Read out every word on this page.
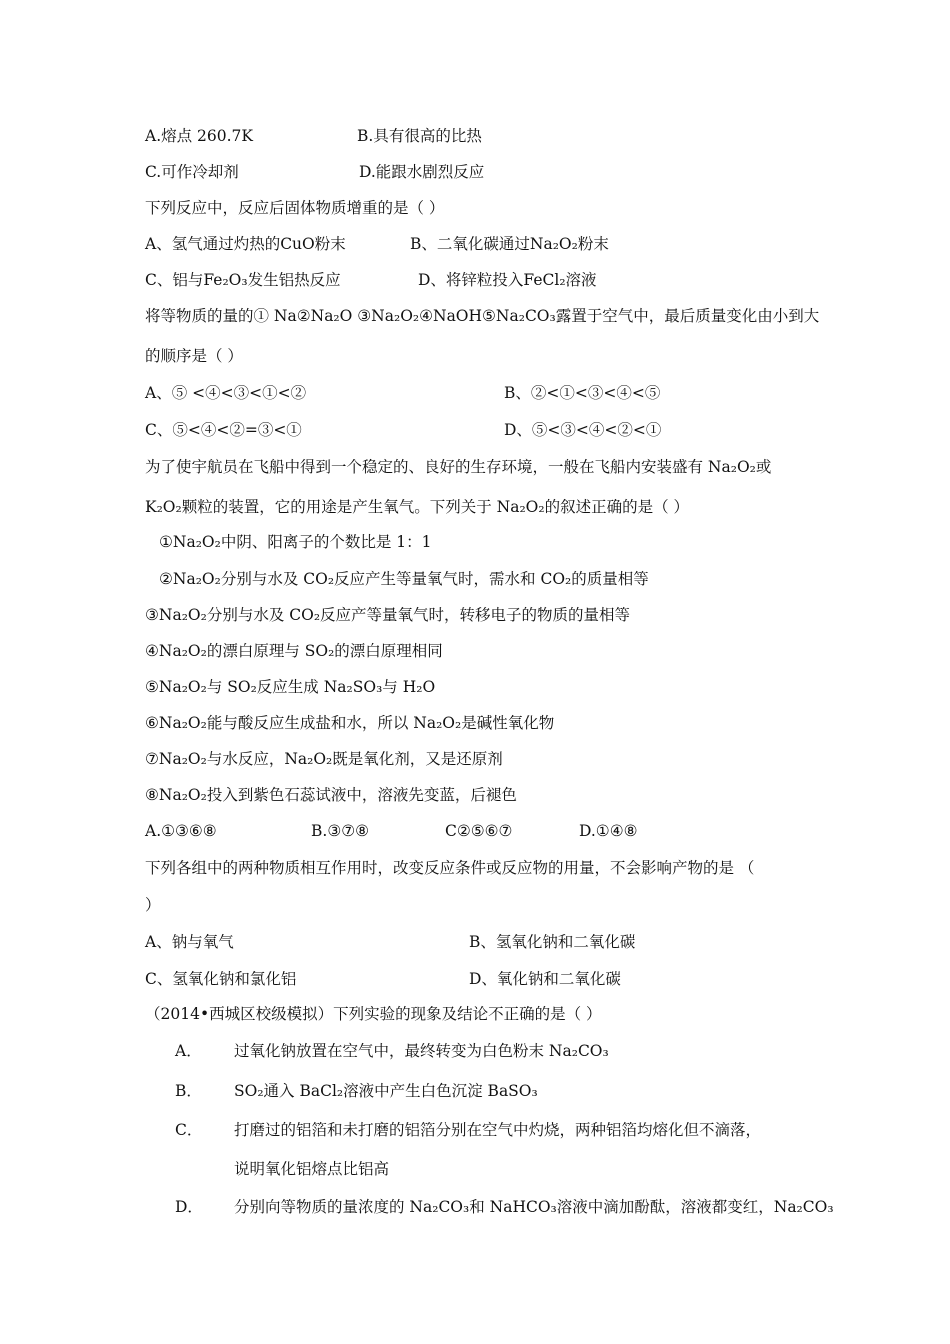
A.熔点 260.7K	B.具有很高的比热
C.可作冷却剂	D.能跟水剧烈反应
下列反应中，反应后固体物质增重的是（ ）
A、氢气通过灼热的CuO粉末	B、二氧化碳通过Na₂O₂粉末
C、铝与Fe₂O₃发生铝热反应	D、将锌粒投入FeCl₂溶液
将等物质的量的① Na②Na₂O ③Na₂O₂④NaOH⑤Na₂CO₃露置于空气中，最后质量变化由小到大
的顺序是（ ）
A、⑤ <④<③<①<②	B、②<①<③<④<⑤
C、⑤<④<②=③<①	D、⑤<③<④<②<①
为了使宇航员在飞船中得到一个稳定的、良好的生存环境，一般在飞船内安装盛有 Na₂O₂或
K₂O₂颗粒的装置，它的用途是产生氧气。下列关于 Na₂O₂的叙述正确的是（ ）
①Na₂O₂中阴、阳离子的个数比是 1：1
②Na₂O₂分别与水及 CO₂反应产生等量氧气时，需水和 CO₂的质量相等
③Na₂O₂分别与水及 CO₂反应产等量氧气时，转移电子的物质的量相等
④Na₂O₂的漂白原理与 SO₂的漂白原理相同
⑤Na₂O₂与 SO₂反应生成 Na₂SO₃与 H₂O
⑥Na₂O₂能与酸反应生成盐和水，所以 Na₂O₂是碱性氧化物
⑦Na₂O₂与水反应，Na₂O₂既是氧化剂，又是还原剂
⑧Na₂O₂投入到紫色石蕊试液中，溶液先变蓝，后褪色
A.①③⑥⑧	B.③⑦⑧	C②⑤⑥⑦	D.①④⑧
下列各组中的两种物质相互作用时，改变反应条件或反应物的用量，不会影响产物的是 （
）
A、钠与氧气	B、氢氧化钠和二氧化碳
C、氢氧化钠和氯化铝	D、氧化钠和二氧化碳
（2014•西城区校级模拟）下列实验的现象及结论不正确的是（ ）
A． 过氧化钠放置在空气中，最终转变为白色粉末 Na₂CO₃
B． SO₂通入 BaCl₂溶液中产生白色沉淀 BaSO₃
C． 打磨过的铝箔和未打磨的铝箔分别在空气中灼烧，两种铝箔均熔化但不滴落，
说明氧化铝熔点比铝高
D． 分别向等物质的量浓度的 Na₂CO₃和 NaHCO₃溶液中滴加酚酞，溶液都变红，Na₂CO₃
